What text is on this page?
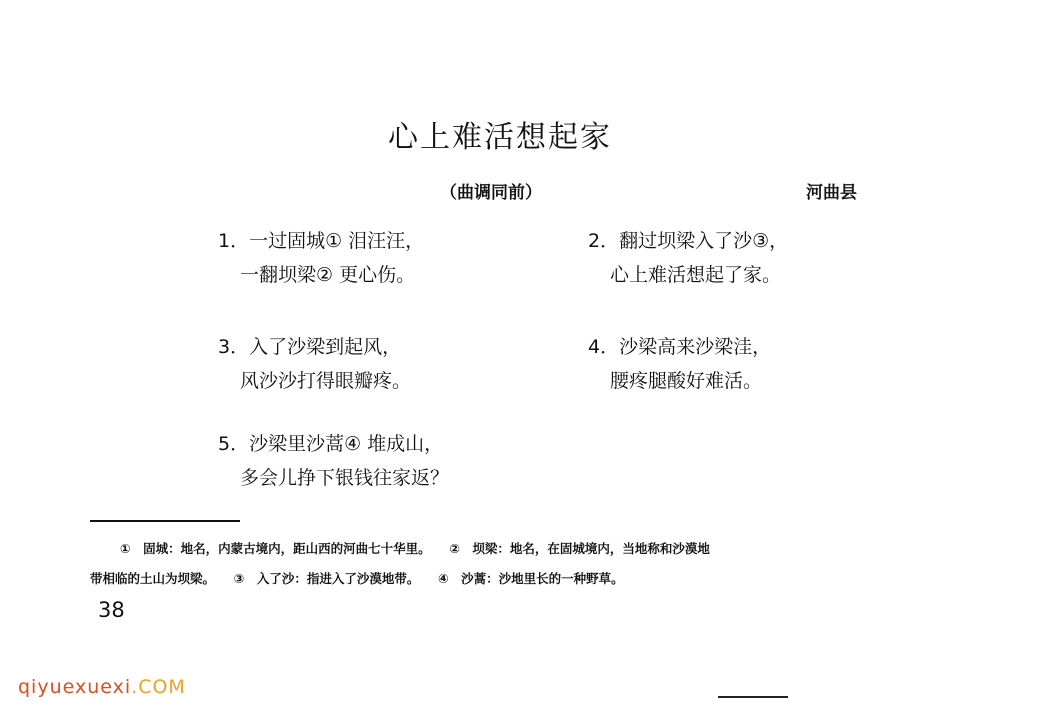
心上难活想起家
（曲调同前）	河曲县
1．一过固城① 泪汪汪，
一翻坝梁② 更心伤。
2．翻过坝梁入了沙③，
心上难活想起了家。
3．入了沙梁到起风，
风沙沙打得眼瓣疼。
4．沙梁高来沙梁洼，
腰疼腿酸好难活。
5．沙梁里沙蒿④ 堆成山，
多会儿挣下银钱往家返？
①　固城：地名，内蒙古境内，距山西的河曲七十华里。　　②　坝梁：地名，在固城境内，当地称和沙漠地
带相临的土山为坝梁。　　③　入了沙：指进入了沙漠地带。　　④　沙蒿：沙地里长的一种野草。
38
qiyuexuexi.COM
